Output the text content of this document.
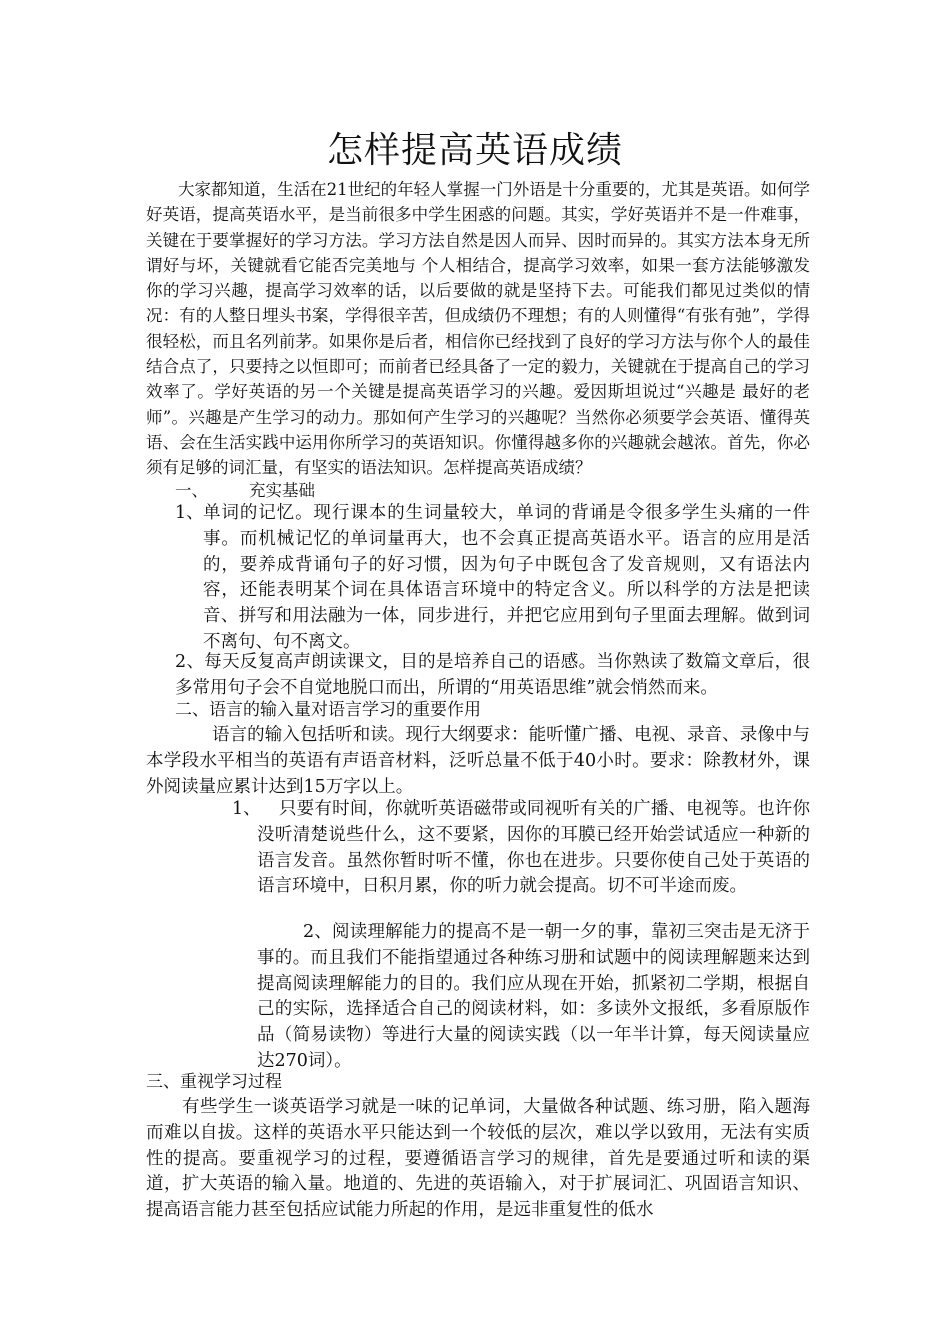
怎样提高英语成绩

大家都知道，生活在21世纪的年轻人掌握一门外语是十分重要的，尤其是英语。如何学好英语，提高英语水平，是当前很多中学生困惑的问题。其实，学好英语并不是一件难事，关键在于要掌握好的学习方法。学习方法自然是因人而异、因时而异的。其实方法本身无所谓好与坏，关键就看它能否完美地与 个人相结合，提高学习效率，如果一套方法能够激发你的学习兴趣，提高学习效率的话，以后要做的就是坚持下去。可能我们都见过类似的情况：有的人整日埋头书案，学得很辛苦，但成绩仍不理想；有的人则懂得“有张有弛”，学得很轻松，而且名列前茅。如果你是后者，相信你已经找到了良好的学习方法与你个人的最佳结合点了，只要持之以恒即可；而前者已经具备了一定的毅力，关键就在于提高自己的学习效率了。学好英语的另一个关键是提高英语学习的兴趣。爱因斯坦说过“兴趣是 最好的老师”。兴趣是产生学习的动力。那如何产生学习的兴趣呢？当然你必须要学会英语、懂得英语、会在生活实践中运用你所学习的英语知识。你懂得越多你的兴趣就会越浓。首先，你必须有足够的词汇量，有坚实的语法知识。怎样提高英语成绩？

一、 充实基础
1、 单词的记忆。现行课本的生词量较大，单词的背诵是令很多学生头痛的一件事。而机械记忆的单词量再大，也不会真正提高英语水平。语言的应用是活的，要养成背诵句子的好习惯，因为句子中既包含了发音规则，又有语法内容，还能表明某个词在具体语言环境中的特定含义。所以科学的方法是把读音、拼写和用法融为一体，同步进行，并把它应用到句子里面去理解。做到词不离句、句不离文。
2、每天反复高声朗读课文，目的是培养自己的语感。当你熟读了数篇文章后，很多常用句子会不自觉地脱口而出，所谓的“用英语思维”就会悄然而来。
二、语言的输入量对语言学习的重要作用

语言的输入包括听和读。现行大纲要求：能听懂广播、电视、录音、录像中与本学段水平相当的英语有声语音材料，泛听总量不低于40小时。要求：除教材外，课外阅读量应累计达到15万字以上。

1、	只要有时间，你就听英语磁带或同视听有关的广播、电视等。也许你没听清楚说些什么，这不要紧，因你的耳膜已经开始尝试适应一种新的语言发音。虽然你暂时听不懂，你也在进步。只要你使自己处于英语的语言环境中，日积月累，你的听力就会提高。切不可半途而废。
2、阅读理解能力的提高不是一朝一夕的事，靠初三突击是无济于事的。而且我们不能指望通过各种练习册和试题中的阅读理解题来达到提高阅读理解能力的目的。我们应从现在开始，抓紧初二学期，根据自己的实际，选择适合自己的阅读材料，如：多读外文报纸，多看原版作品（简易读物）等进行大量的阅读实践（以一年半计算，每天阅读量应达270词）。
三、重视学习过程

有些学生一谈英语学习就是一味的记单词，大量做各种试题、练习册，陷入题海而难以自拔。这样的英语水平只能达到一个较低的层次，难以学以致用，无法有实质性的提高。要重视学习的过程，要遵循语言学习的规律，首先是要通过听和读的渠道，扩大英语的输入量。地道的、先进的英语输入，对于扩展词汇、巩固语言知识、提高语言能力甚至包括应试能力所起的作用，是远非重复性的低水
